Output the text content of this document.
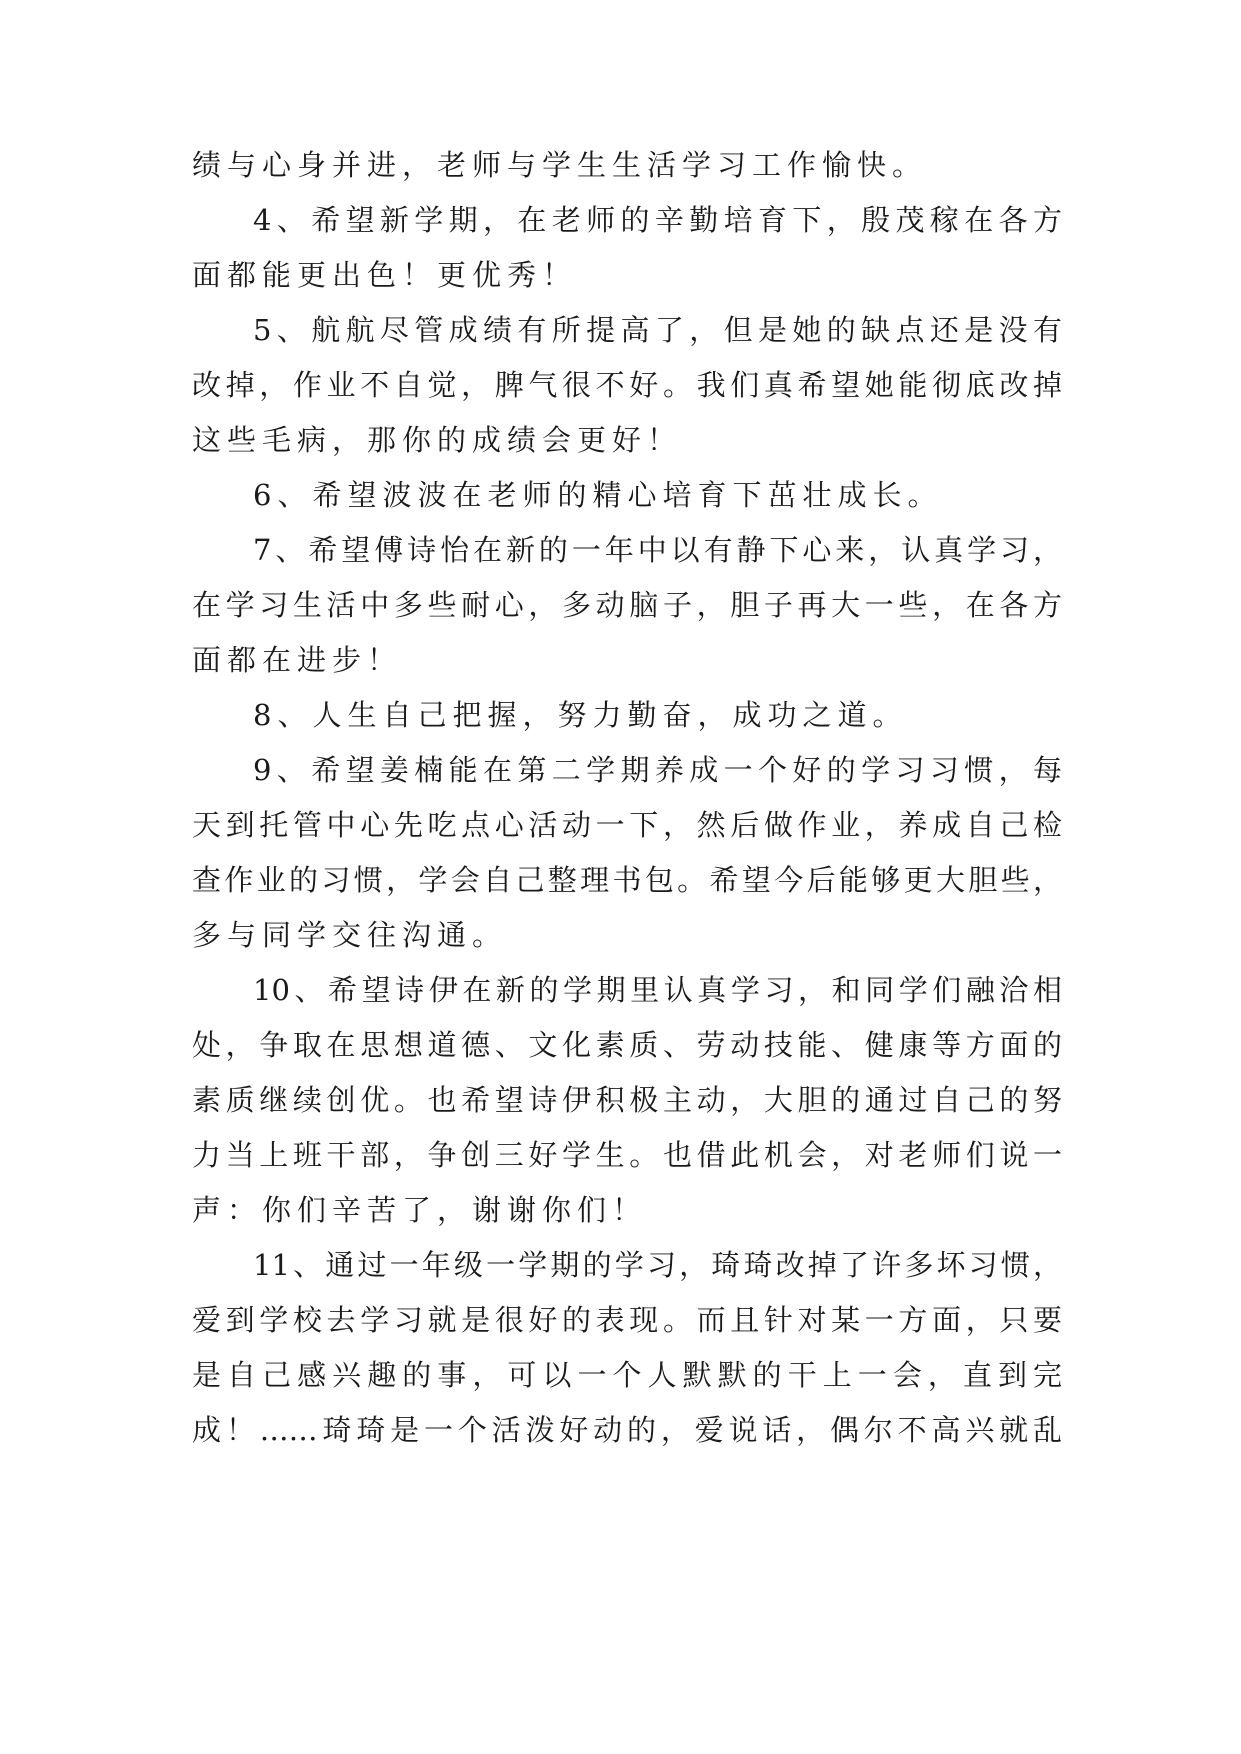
绩与心身并进，老师与学生生活学习工作愉快。
4、希望新学期，在老师的辛勤培育下，殷茂稼在各方
面都能更出色！更优秀！
5、航航尽管成绩有所提高了，但是她的缺点还是没有
改掉，作业不自觉，脾气很不好。我们真希望她能彻底改掉
这些毛病，那你的成绩会更好！
6、希望波波在老师的精心培育下茁壮成长。
7、希望傅诗怡在新的一年中以有静下心来，认真学习，
在学习生活中多些耐心，多动脑子，胆子再大一些，在各方
面都在进步！
8、人生自己把握，努力勤奋，成功之道。
9、希望姜楠能在第二学期养成一个好的学习习惯，每
天到托管中心先吃点心活动一下，然后做作业，养成自己检
查作业的习惯，学会自己整理书包。希望今后能够更大胆些，
多与同学交往沟通。
10、希望诗伊在新的学期里认真学习，和同学们融洽相
处，争取在思想道德、文化素质、劳动技能、健康等方面的
素质继续创优。也希望诗伊积极主动，大胆的通过自己的努
力当上班干部，争创三好学生。也借此机会，对老师们说一
声：你们辛苦了，谢谢你们！
11、通过一年级一学期的学习，琦琦改掉了许多坏习惯，
爱到学校去学习就是很好的表现。而且针对某一方面，只要
是自己感兴趣的事，可以一个人默默的干上一会，直到完
成！……琦琦是一个活泼好动的，爱说话，偶尔不高兴就乱
